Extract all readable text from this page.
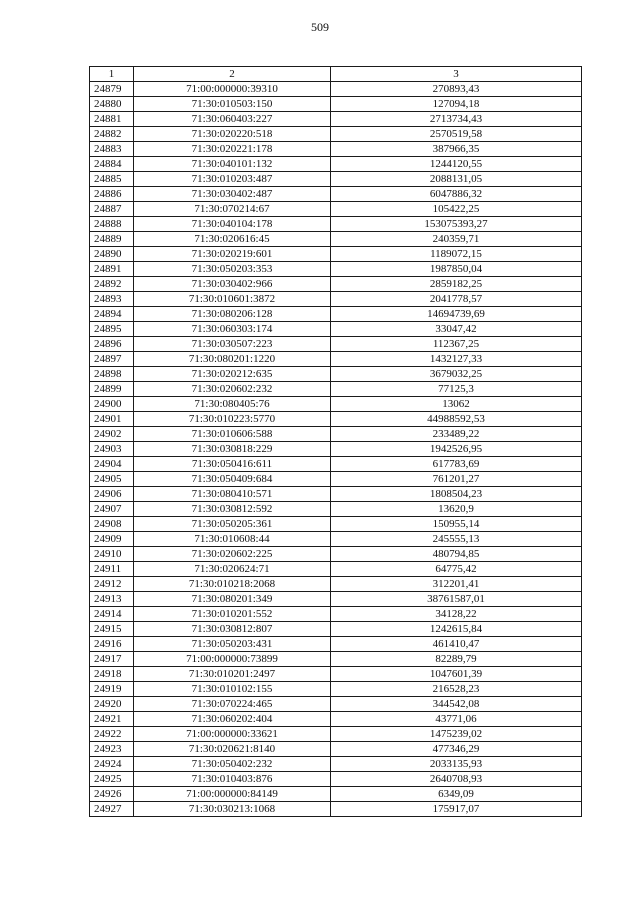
509
1	2	3
24879	71:00:000000:39310	270893,43
24880	71:30:010503:150	127094,18
24881	71:30:060403:227	2713734,43
24882	71:30:020220:518	2570519,58
24883	71:30:020221:178	387966,35
24884	71:30:040101:132	1244120,55
24885	71:30:010203:487	2088131,05
24886	71:30:030402:487	6047886,32
24887	71:30:070214:67	105422,25
24888	71:30:040104:178	153075393,27
24889	71:30:020616:45	240359,71
24890	71:30:020219:601	1189072,15
24891	71:30:050203:353	1987850,04
24892	71:30:030402:966	2859182,25
24893	71:30:010601:3872	2041778,57
24894	71:30:080206:128	14694739,69
24895	71:30:060303:174	33047,42
24896	71:30:030507:223	112367,25
24897	71:30:080201:1220	1432127,33
24898	71:30:020212:635	3679032,25
24899	71:30:020602:232	77125,3
24900	71:30:080405:76	13062
24901	71:30:010223:5770	44988592,53
24902	71:30:010606:588	233489,22
24903	71:30:030818:229	1942526,95
24904	71:30:050416:611	617783,69
24905	71:30:050409:684	761201,27
24906	71:30:080410:571	1808504,23
24907	71:30:030812:592	13620,9
24908	71:30:050205:361	150955,14
24909	71:30:010608:44	245555,13
24910	71:30:020602:225	480794,85
24911	71:30:020624:71	64775,42
24912	71:30:010218:2068	312201,41
24913	71:30:080201:349	38761587,01
24914	71:30:010201:552	34128,22
24915	71:30:030812:807	1242615,84
24916	71:30:050203:431	461410,47
24917	71:00:000000:73899	82289,79
24918	71:30:010201:2497	1047601,39
24919	71:30:010102:155	216528,23
24920	71:30:070224:465	344542,08
24921	71:30:060202:404	43771,06
24922	71:00:000000:33621	1475239,02
24923	71:30:020621:8140	477346,29
24924	71:30:050402:232	2033135,93
24925	71:30:010403:876	2640708,93
24926	71:00:000000:84149	6349,09
24927	71:30:030213:1068	175917,07
